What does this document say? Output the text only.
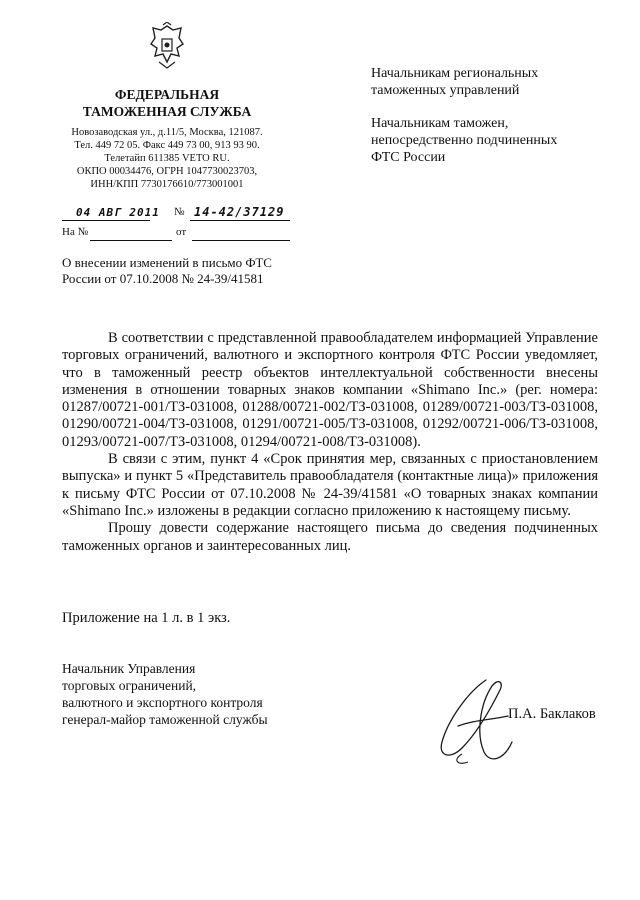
ФЕДЕРАЛЬНАЯ
ТАМОЖЕННАЯ СЛУЖБА
Новозаводская ул., д.11/5, Москва, 121087.
Тел. 449 72 05. Факс 449 73 00, 913 93 90.
Телетайп 611385 VETO RU.
ОКПО 00034476, ОГРН 1047730023703,
ИНН/КПП 7730176610/773001001
04 АВГ 2011 № 14-42/37129
На №	от
О внесении изменений в письмо ФТС
России от 07.10.2008 № 24-39/41581

Начальникам региональных
таможенных управлений

Начальникам таможен,
непосредственно подчиненных
ФТС России

В соответствии с представленной правообладателем информацией Управление торговых ограничений, валютного и экспортного контроля ФТС России уведомляет, что в таможенный реестр объектов интеллектуальной собственности внесены изменения в отношении товарных знаков компании «Shimano Inc.» (рег. номера: 01287/00721-001/ТЗ-031008, 01288/00721-002/ТЗ-031008, 01289/00721-003/ТЗ-031008, 01290/00721-004/ТЗ-031008, 01291/00721-005/ТЗ-031008, 01292/00721-006/ТЗ-031008, 01293/00721-007/ТЗ-031008, 01294/00721-008/ТЗ-031008).

В связи с этим, пункт 4 «Срок принятия мер, связанных с приостановлением выпуска» и пункт 5 «Представитель правообладателя (контактные лица)» приложения к письму ФТС России от 07.10.2008 № 24-39/41581 «О товарных знаках компании «Shimano Inc.» изложены в редакции согласно приложению к настоящему письму.

Прошу довести содержание настоящего письма до сведения подчиненных таможенных органов и заинтересованных лиц.

Приложение на 1 л. в 1 экз.
Начальник Управления
торговых ограничений,
валютного и экспортного контроля
генерал-майор таможенной службы	П.А. Баклаков
